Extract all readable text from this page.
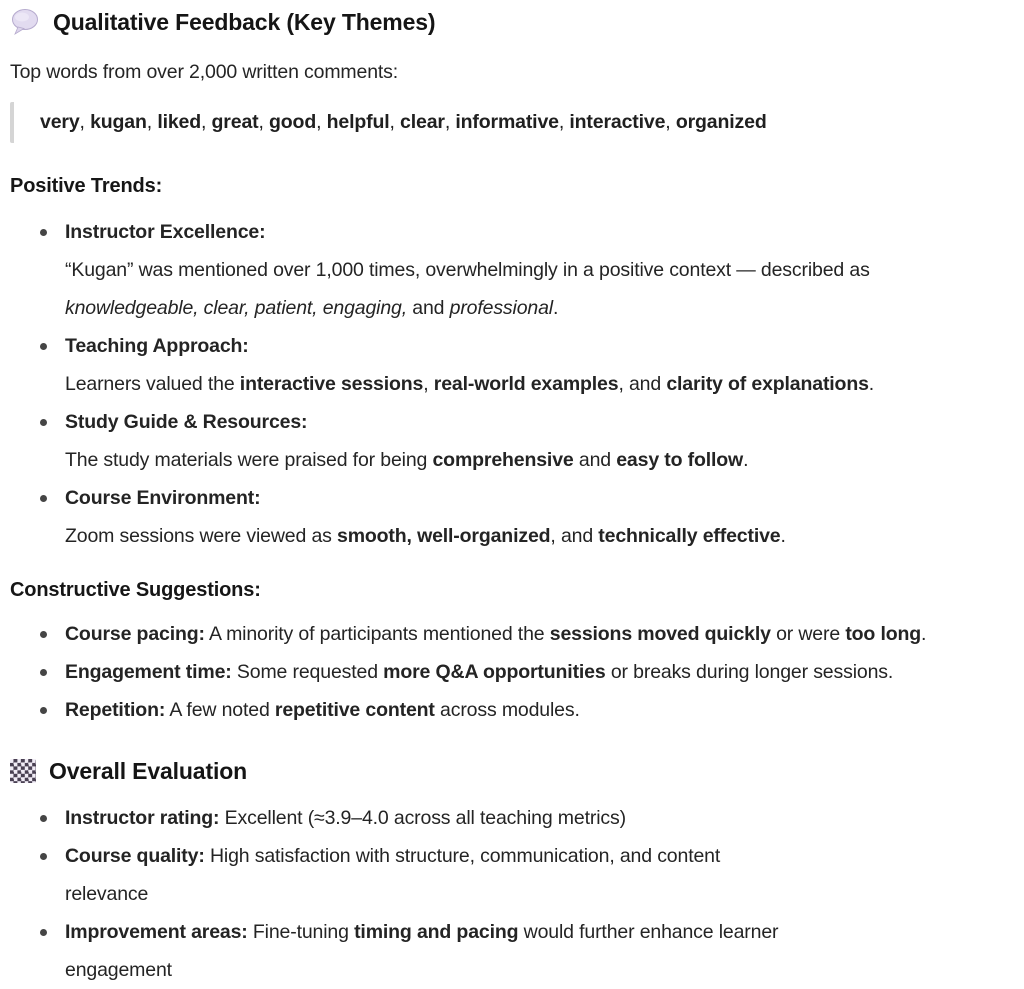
Qualitative Feedback (Key Themes)

Top words from over 2,000 written comments:

very, kugan, liked, great, good, helpful, clear, informative, interactive, organized

Positive Trends:

Instructor Excellence:
“Kugan” was mentioned over 1,000 times, overwhelmingly in a positive context — described as
knowledgeable, clear, patient, engaging, and professional.
Teaching Approach:
Learners valued the interactive sessions, real-world examples, and clarity of explanations.
Study Guide & Resources:
The study materials were praised for being comprehensive and easy to follow.
Course Environment:
Zoom sessions were viewed as smooth, well-organized, and technically effective.

Constructive Suggestions:

Course pacing: A minority of participants mentioned the sessions moved quickly or were too long.
Engagement time: Some requested more Q&A opportunities or breaks during longer sessions.
Repetition: A few noted repetitive content across modules.
Overall Evaluation
Instructor rating: Excellent (≈3.9–4.0 across all teaching metrics)
Course quality: High satisfaction with structure, communication, and content
relevance
Improvement areas: Fine-tuning timing and pacing would further enhance learner
engagement
